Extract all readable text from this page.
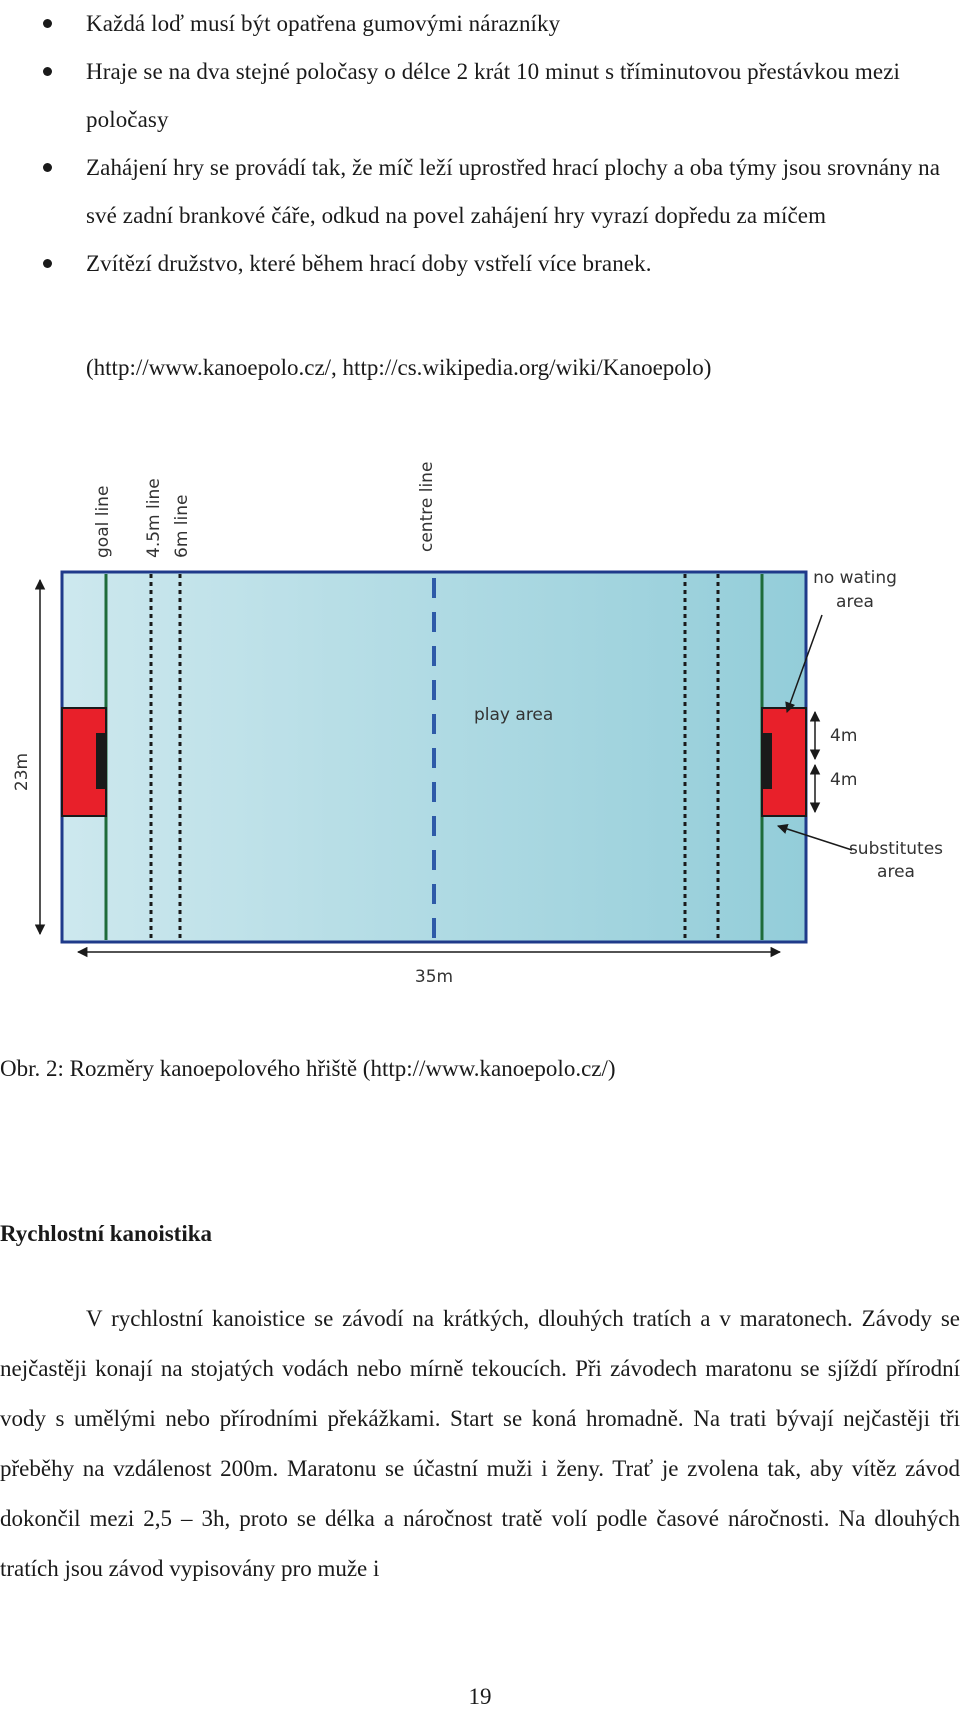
Každá loď musí být opatřena gumovými nárazníky
Hraje se na dva stejné poločasy o délce 2 krát 10 minut s tříminutovou přestávkou mezi poločasy
Zahájení hry se provádí tak, že míč leží uprostřed hrací plochy a oba týmy jsou srovnány na své zadní brankové čáře, odkud na povel zahájení hry vyrazí dopředu za míčem
Zvítězí družstvo, které během hrací doby vstřelí více branek.
(http://www.kanoepolo.cz/, http://cs.wikipedia.org/wiki/Kanoepolo)
goal line 4.5m line 6m line	centre line
play area
23m
35m
4m
4m
no wating
area
substitutes
area
Obr. 2: Rozměry kanoepolového hřiště (http://www.kanoepolo.cz/)
Rychlostní kanoistika

V rychlostní kanoistice se závodí na krátkých, dlouhých tratích a v maratonech. Závody se nejčastěji konají na stojatých vodách nebo mírně tekoucích. Při závodech maratonu se sjíždí přírodní vody s umělými nebo přírodními překážkami. Start se koná hromadně. Na trati bývají nejčastěji tři přeběhy na vzdálenost 200m. Maratonu se účastní muži i ženy. Trať je zvolena tak, aby vítěz závod dokončil mezi 2,5 – 3h, proto se délka a náročnost tratě volí podle časové náročnosti. Na dlouhých tratích jsou závod vypisovány pro muže i

19
